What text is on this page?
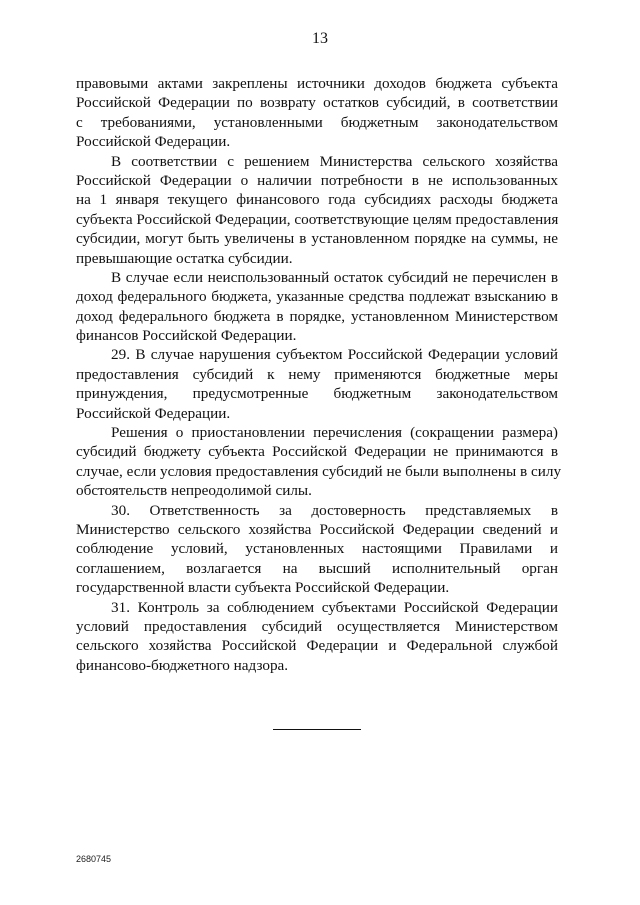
13
правовыми актами закреплены источники доходов бюджета субъекта
Российской Федерации по возврату остатков субсидий, в соответствии
с требованиями, установленными бюджетным законодательством
Российской Федерации.
В соответствии с решением Министерства сельского хозяйства
Российской Федерации о наличии потребности в не использованных
на 1 января текущего финансового года субсидиях расходы бюджета
субъекта Российской Федерации, соответствующие целям предоставления
субсидии, могут быть увеличены в установленном порядке на суммы, не
превышающие остатка субсидии.
В случае если неиспользованный остаток субсидий не перечислен в
доход федерального бюджета, указанные средства подлежат взысканию в
доход федерального бюджета в порядке, установленном Министерством
финансов Российской Федерации.
29. В случае нарушения субъектом Российской Федерации условий
предоставления субсидий к нему применяются бюджетные меры
принуждения, предусмотренные бюджетным законодательством
Российской Федерации.
Решения о приостановлении перечисления (сокращении размера)
субсидий бюджету субъекта Российской Федерации не принимаются в
случае, если условия предоставления субсидий не были выполнены в силу
обстоятельств непреодолимой силы.
30. Ответственность за достоверность представляемых в
Министерство сельского хозяйства Российской Федерации сведений и
соблюдение условий, установленных настоящими Правилами и
соглашением, возлагается на высший исполнительный орган
государственной власти субъекта Российской Федерации.
31. Контроль за соблюдением субъектами Российской Федерации
условий предоставления субсидий осуществляется Министерством
сельского хозяйства Российской Федерации и Федеральной службой
финансово-бюджетного надзора.
2680745
